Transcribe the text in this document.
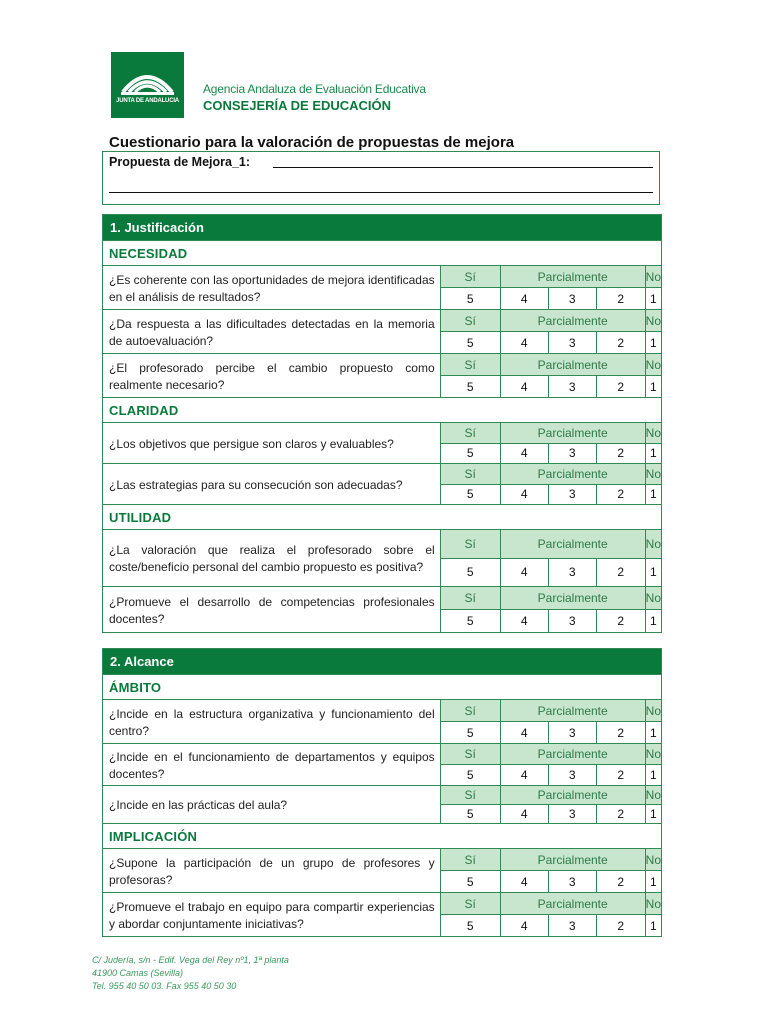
JUNTA DE ANDALUCIA
Agencia Andaluza de Evaluación Educativa
CONSEJERÍA DE EDUCACIÓN
Cuestionario para la valoración de propuestas de mejora
Propuesta de Mejora_1:
1. Justificación
NECESIDAD
¿Es coherente con las oportunidades de mejora identificadas en el análisis de resultados?
Sí	Parcialmente	No
5	4	3	2	1
¿Da respuesta a las dificultades detectadas en la memoria de autoevaluación?
Sí	Parcialmente	No
5	4	3	2	1
¿El profesorado percibe el cambio propuesto como realmente necesario?
Sí	Parcialmente	No
5	4	3	2	1
CLARIDAD
¿Los objetivos que persigue son claros y evaluables?
Sí	Parcialmente	No
5	4	3	2	1
¿Las estrategias para su consecución son adecuadas?
Sí	Parcialmente	No
5	4	3	2	1
UTILIDAD
¿La valoración que realiza el profesorado sobre el coste/beneficio personal del cambio propuesto es positiva?
Sí	Parcialmente	No
5	4	3	2	1
¿Promueve el desarrollo de competencias profesionales docentes?
Sí	Parcialmente	No
5	4	3	2	1
2. Alcance
ÁMBITO
¿Incide en la estructura organizativa y funcionamiento del centro?
Sí	Parcialmente	No
5	4	3	2	1
¿Incide en el funcionamiento de departamentos y equipos docentes?
Sí	Parcialmente	No
5	4	3	2	1
¿Incide en las prácticas del aula?
Sí	Parcialmente	No
5	4	3	2	1
IMPLICACIÓN
¿Supone la participación de un grupo de profesores y profesoras?
Sí	Parcialmente	No
5	4	3	2	1
¿Promueve el trabajo en equipo para compartir experiencias y abordar conjuntamente iniciativas?
Sí	Parcialmente	No
5	4	3	2	1
C/ Judería, s/n - Edif. Vega del Rey nº1, 1ª planta
41900 Camas (Sevilla)
Tel. 955 40 50 03. Fax 955 40 50 30
